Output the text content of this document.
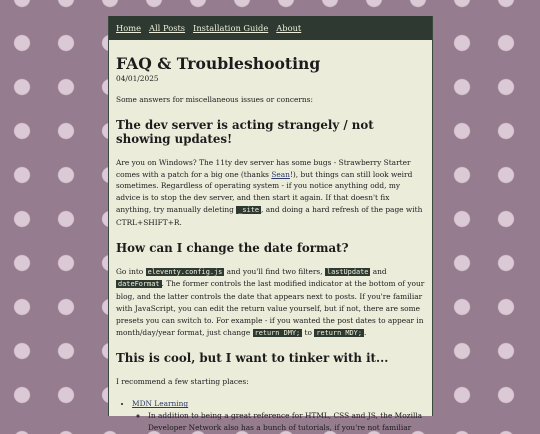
Home All Posts Installation Guide About
FAQ & Troubleshooting
04/01/2025

Some answers for miscellaneous issues or concerns:

The dev server is acting strangely / not showing updates!

Are you on Windows? The 11ty dev server has some bugs - Strawberry Starter comes with a patch for a big one (thanks Sean!), but things can still look weird sometimes. Regardless of operating system - if you notice anything odd, my advice is to stop the dev server, and then start it again. If that doesn't fix anything, try manually deleting _site , and doing a hard refresh of the page with CTRL+SHIFT+R.

How can I change the date format?

Go into eleventy.config.js and you'll find two filters, lastUpdate and dateFormat . The former controls the last modified indicator at the bottom of your blog, and the latter controls the date that appears next to posts. If you're familiar with JavaScript, you can edit the return value yourself, but if not, there are some presets you can switch to. For example - if you wanted the post dates to appear in month/day/year format, just change return DMY; to return MDY; .

This is cool, but I want to tinker with it...

I recommend a few starting places:

• MDN Learning
◦ In addition to being a great reference for HTML, CSS and JS, the Mozilla Developer Network also has a bunch of tutorials, if you're not familiar
